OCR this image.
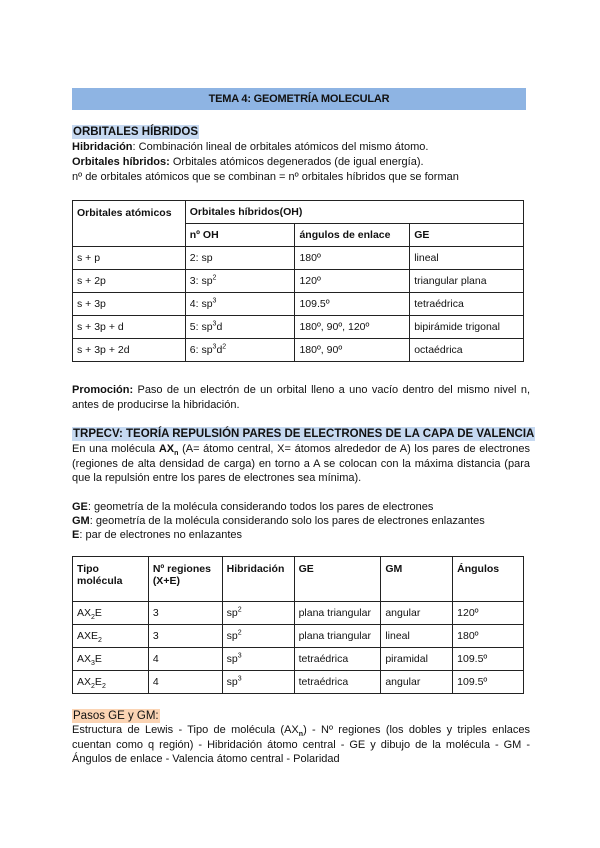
TEMA 4: GEOMETRÍA MOLECULAR
ORBITALES HÍBRIDOS
Hibridación: Combinación lineal de orbitales atómicos del mismo átomo.
Orbitales híbridos: Orbitales atómicos degenerados (de igual energía).
nº de orbitales atómicos que se combinan = nº orbitales híbridos que se forman
Orbitales atómicos	Orbitales híbridos(OH)		
	nº OH	ángulos de enlace	GE
s + p	2: sp	180º	lineal
s + 2p	3: $sp^2$	120º	triangular plana
s + 3p	4: $sp^3$	109.5º	tetraédrica
s + 3p + d	5: $sp^3d$	180º, 90º, 120º	bipirámide trigonal
s + 3p + 2d	6: $sp^3d^2$	180º, 90º	octaédrica
Promoción: Paso de un electrón de un orbital lleno a uno vacío dentro del mismo nivel n, antes de producirse la hibridación.
TRPECV: TEORÍA REPULSIÓN PARES DE ELECTRONES DE LA CAPA DE VALENCIA
En una molécula $AX_n$ (A= átomo central, X= átomos alrededor de A) los pares de electrones (regiones de alta densidad de carga) en torno a A se colocan con la máxima distancia (para que la repulsión entre los pares de electrones sea mínima).
GE: geometría de la molécula considerando todos los pares de electrones
GM: geometría de la molécula considerando solo los pares de electrones enlazantes
E: par de electrones no enlazantes
Tipo molécula	Nº regiones (X+E)	Hibridación	GE	GM	Ángulos
$AX_2E$	3	$sp^2$	plana triangular	angular	120º
$AXE_2$	3	$sp^2$	plana triangular	lineal	180º
$AX_3E$	4	$sp^3$	tetraédrica	piramidal	109.5º
$AX_2E_2$	4	$sp^3$	tetraédrica	angular	109.5º
Pasos GE y GM:
Estructura de Lewis - Tipo de molécula $(AX_n)$ - Nº regiones (los dobles y triples enlaces cuentan como q región) - Hibridación átomo central - GE y dibujo de la molécula - GM - Ángulos de enlace - Valencia átomo central - Polaridad
